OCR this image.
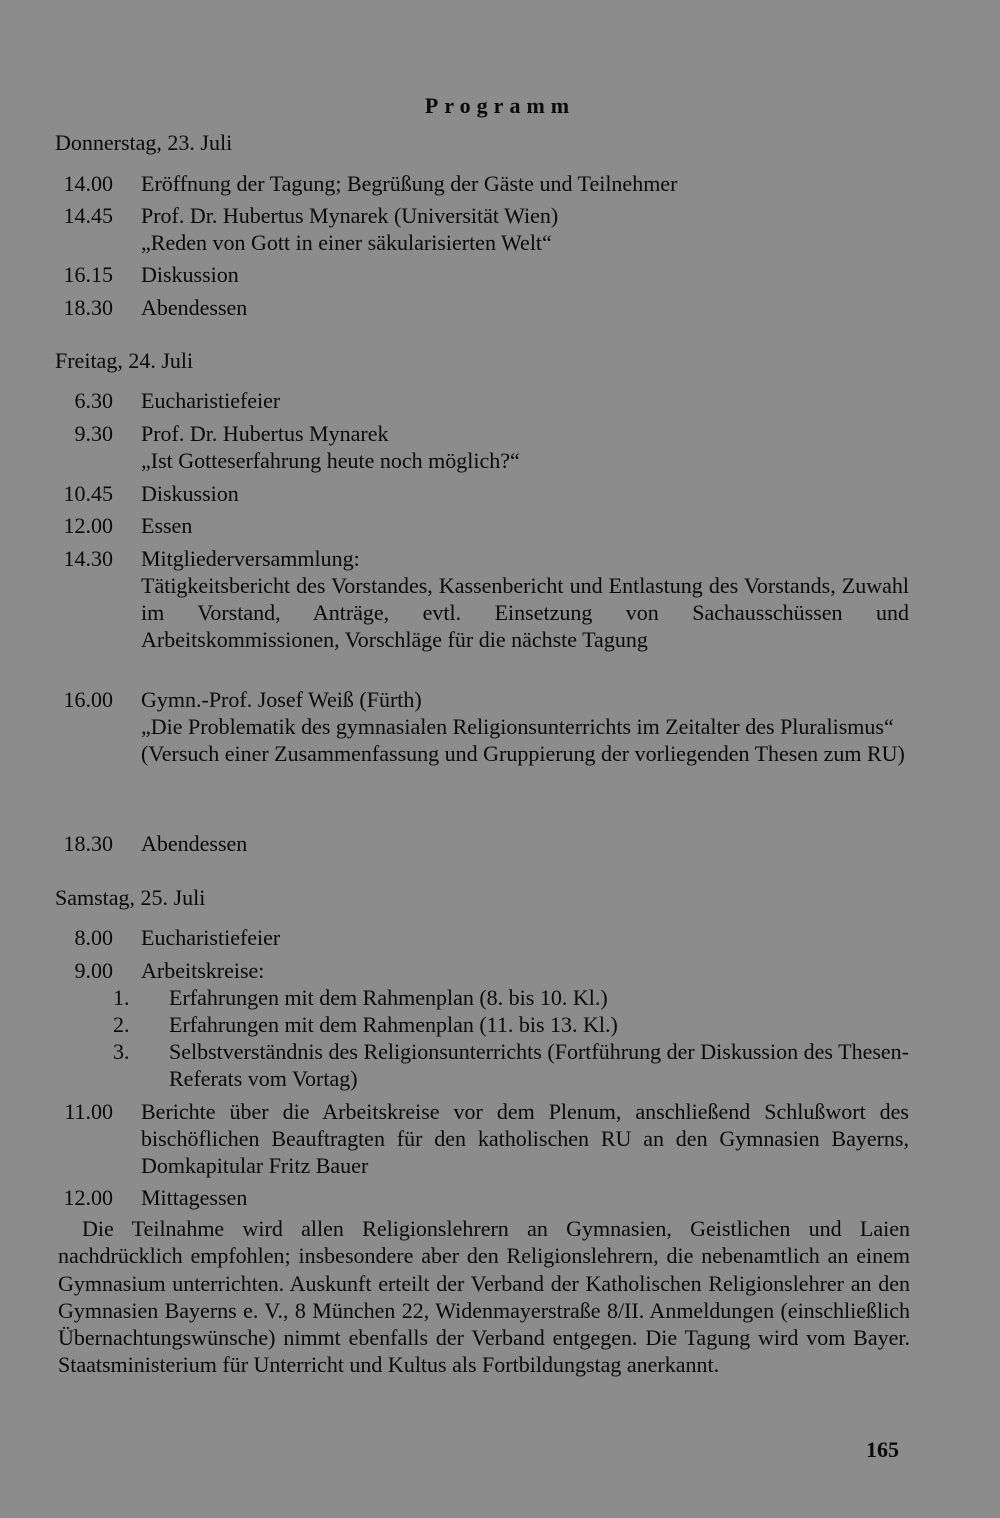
Programm
Donnerstag, 23. Juli
14.00 Eröffnung der Tagung; Begrüßung der Gäste und Teilnehmer
14.45 Prof. Dr. Hubertus Mynarek (Universität Wien)
„Reden von Gott in einer säkularisierten Welt“
16.15 Diskussion
18.30 Abendessen
Freitag, 24. Juli
6.30 Eucharistiefeier
9.30 Prof. Dr. Hubertus Mynarek
„Ist Gotteserfahrung heute noch möglich?“
10.45 Diskussion
12.00 Essen
14.30 Mitgliederversammlung:
Tätigkeitsbericht des Vorstandes, Kassenbericht und Entlastung des Vorstands, Zuwahl im Vorstand, Anträge, evtl. Einsetzung von Sachausschüssen und Arbeitskommissionen, Vorschläge für die nächste Tagung
16.00 Gymn.-Prof. Josef Weiß (Fürth)
„Die Problematik des gymnasialen Religionsunterrichts im Zeitalter des Pluralismus“
(Versuch einer Zusammenfassung und Gruppierung der vorliegenden Thesen zum RU)
18.30 Abendessen
Samstag, 25. Juli
8.00 Eucharistiefeier
9.00 Arbeitskreise:
1. Erfahrungen mit dem Rahmenplan (8. bis 10. Kl.)
2. Erfahrungen mit dem Rahmenplan (11. bis 13. Kl.)
3. Selbstverständnis des Religionsunterrichts (Fortführung der Diskussion des Thesen-Referats vom Vortag)
11.00 Berichte über die Arbeitskreise vor dem Plenum, anschließend Schlußwort des bischöflichen Beauftragten für den katholischen RU an den Gymnasien Bayerns, Domkapitular Fritz Bauer
12.00 Mittagessen
Die Teilnahme wird allen Religionslehrern an Gymnasien, Geistlichen und Laien nachdrücklich empfohlen; insbesondere aber den Religionslehrern, die nebenamtlich an einem Gymnasium unterrichten. Auskunft erteilt der Verband der Katholischen Religionslehrer an den Gymnasien Bayerns e. V., 8 München 22, Widenmayerstraße 8/II. Anmeldungen (einschließlich Übernachtungswünsche) nimmt ebenfalls der Verband entgegen. Die Tagung wird vom Bayer. Staatsministerium für Unterricht und Kultus als Fortbildungstag anerkannt.
165
